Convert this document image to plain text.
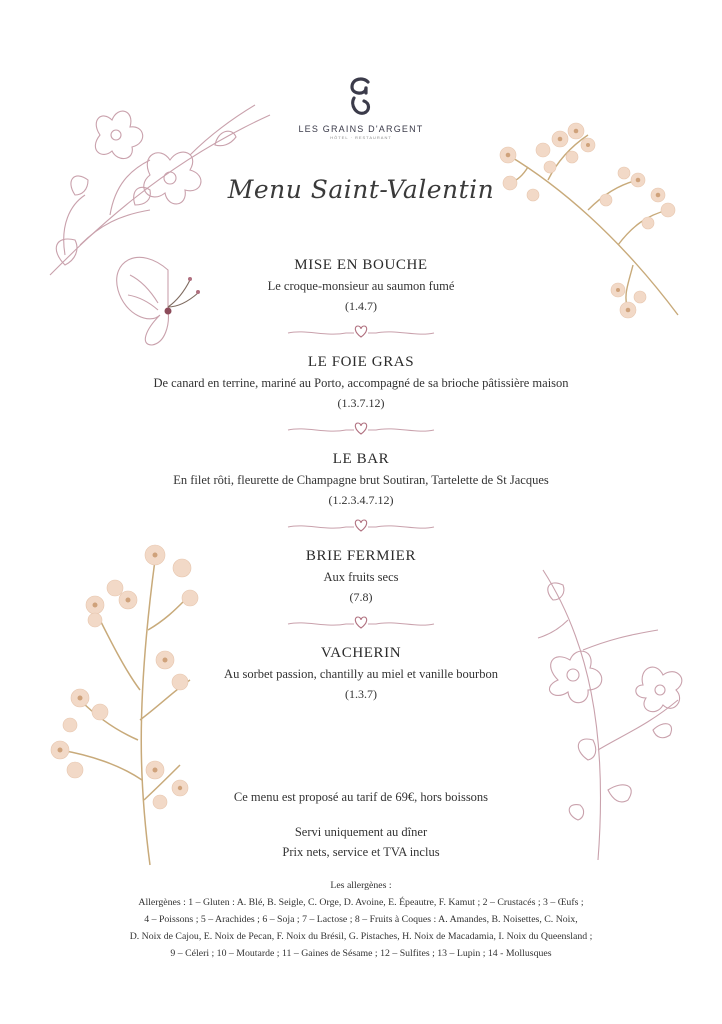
LES GRAINS D'ARGENT
HÔTEL · RESTAURANT
Menu Saint-Valentin
MISE EN BOUCHE
Le croque-monsieur au saumon fumé
(1.4.7)
LE FOIE GRAS
De canard en terrine, mariné au Porto, accompagné de sa brioche pâtissière maison
(1.3.7.12)
LE BAR
En filet rôti, fleurette de Champagne brut Soutiran, Tartelette de St Jacques
(1.2.3.4.7.12)
BRIE FERMIER
Aux fruits secs
(7.8)
VACHERIN
Au sorbet passion, chantilly au miel et vanille bourbon
(1.3.7)
Ce menu est proposé au tarif de 69€, hors boissons
Servi uniquement au dîner
Prix nets, service et TVA inclus
Les allergènes :
Allergènes : 1 – Gluten : A. Blé, B. Seigle, C. Orge, D. Avoine, E. Épeautre, F. Kamut ; 2 – Crustacés ; 3 – Œufs ;
4 – Poissons ; 5 – Arachides ; 6 – Soja ; 7 – Lactose ; 8 – Fruits à Coques : A. Amandes, B. Noisettes, C. Noix,
D. Noix de Cajou, E. Noix de Pecan, F. Noix du Brésil, G. Pistaches, H. Noix de Macadamia, I. Noix du Queensland ;
9 – Céleri ; 10 – Moutarde ; 11 – Gaines de Sésame ; 12 – Sulfites ; 13 – Lupin ; 14 - Mollusques
